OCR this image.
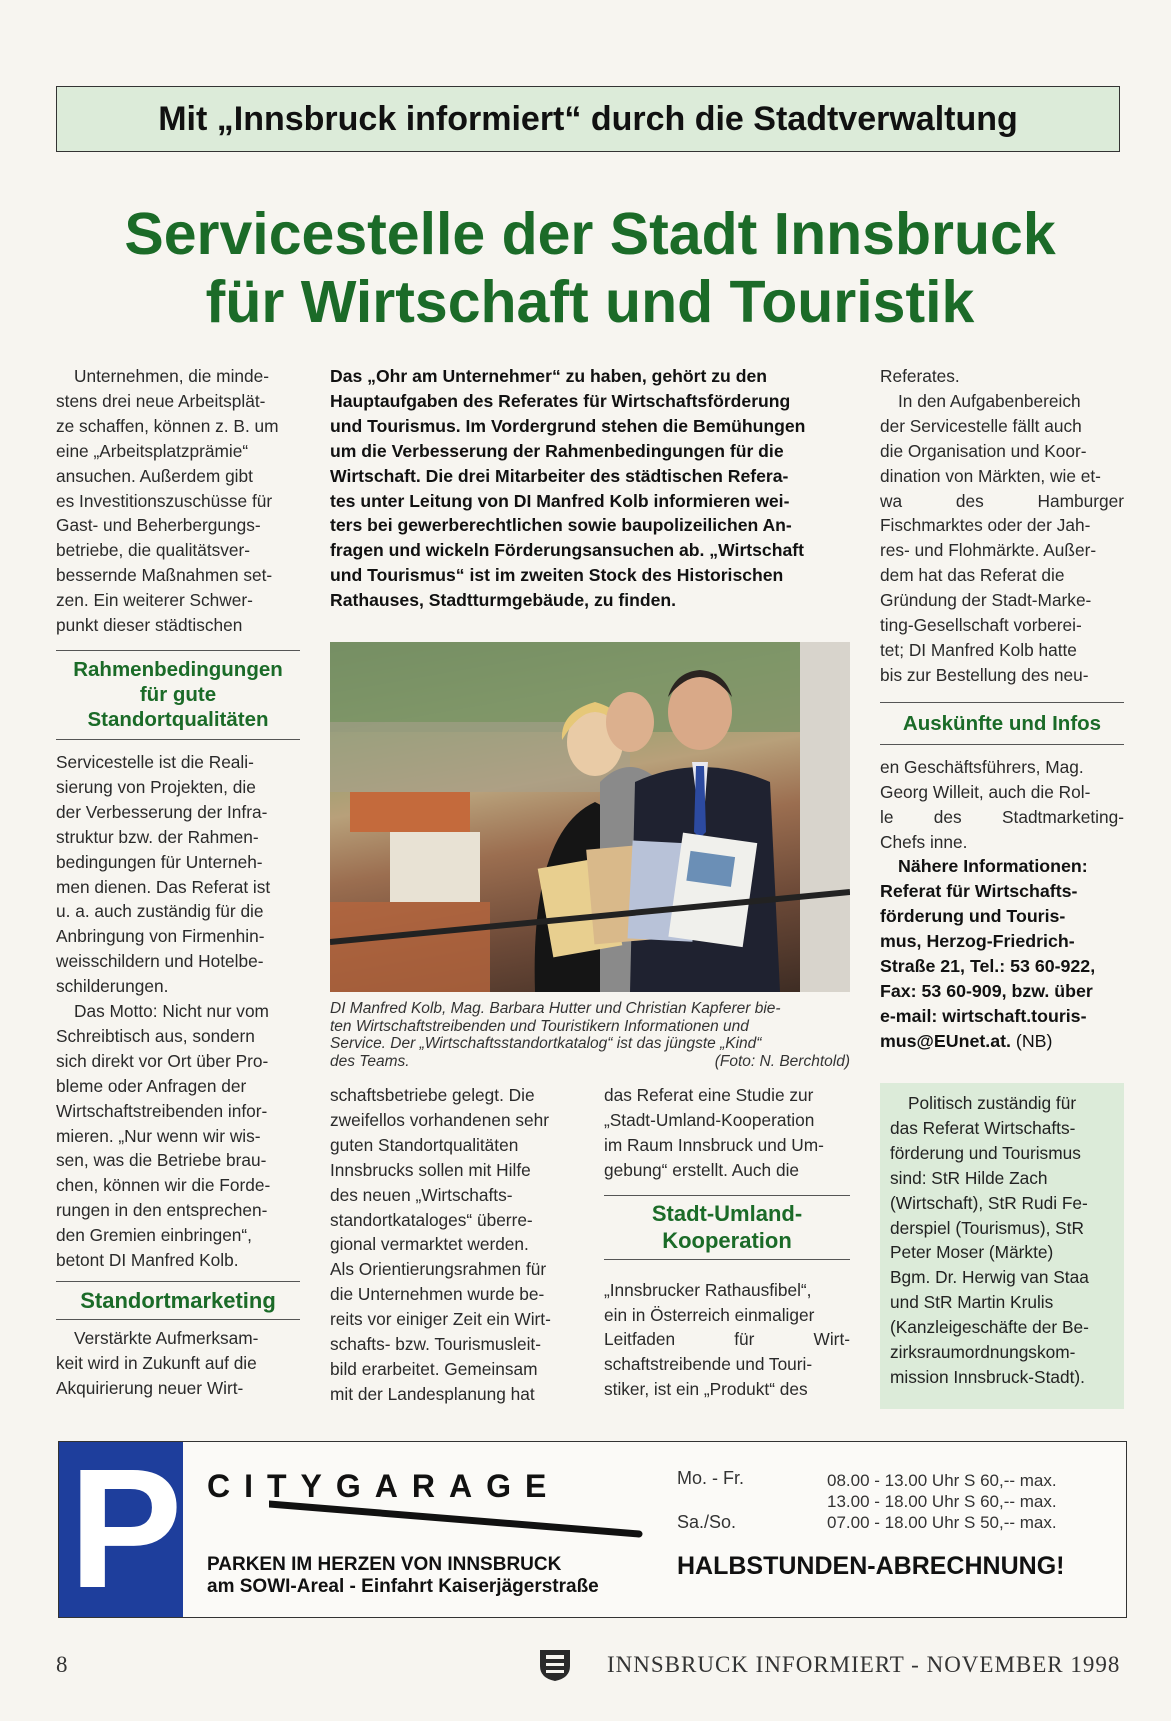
Mit „Innsbruck informiert“ durch die Stadtverwaltung
Servicestelle der Stadt Innsbruck
für Wirtschaft und Touristik

Unternehmen, die minde-

stens drei neue Arbeitsplät-

ze schaffen, können z. B. um

eine „Arbeitsplatzprämie“

ansuchen. Außerdem gibt

es Investitionszuschüsse für

Gast- und Beherbergungs-

betriebe, die qualitätsver-

bessernde Maßnahmen set-

zen. Ein weiterer Schwer-

punkt dieser städtischen

Rahmenbedingungen
für gute
Standortqualitäten

Servicestelle ist die Reali-

sierung von Projekten, die

der Verbesserung der Infra-

struktur bzw. der Rahmen-

bedingungen für Unterneh-

men dienen. Das Referat ist

u. a. auch zuständig für die

Anbringung von Firmenhin-

weisschildern und Hotelbe-

schilderungen.

Das Motto: Nicht nur vom

Schreibtisch aus, sondern

sich direkt vor Ort über Pro-

bleme oder Anfragen der

Wirtschaftstreibenden infor-

mieren. „Nur wenn wir wis-

sen, was die Betriebe brau-

chen, können wir die Forde-

rungen in den entsprechen-

den Gremien einbringen“,

betont DI Manfred Kolb.

Standortmarketing

Verstärkte Aufmerksam-

keit wird in Zukunft auf die

Akquirierung neuer Wirt-

Das „Ohr am Unternehmer“ zu haben, gehört zu den

Hauptaufgaben des Referates für Wirtschaftsförderung

und Tourismus. Im Vordergrund stehen die Bemühungen

um die Verbesserung der Rahmenbedingungen für die

Wirtschaft. Die drei Mitarbeiter des städtischen Refera-

tes unter Leitung von DI Manfred Kolb informieren wei-

ters bei gewerberechtlichen sowie baupolizeilichen An-

fragen und wickeln Förderungsansuchen ab. „Wirtschaft

und Tourismus“ ist im zweiten Stock des Historischen

Rathauses, Stadtturmgebäude, zu finden.

DI Manfred Kolb, Mag. Barbara Hutter und Christian Kapferer bie-
ten Wirtschaftstreibenden und Touristikern Informationen und
Service. Der „Wirtschaftsstandortkatalog“ ist das jüngste „Kind“
des Teams.	(Foto: N. Berchtold)

schaftsbetriebe gelegt. Die

zweifellos vorhandenen sehr

guten Standortqualitäten

Innsbrucks sollen mit Hilfe

des neuen „Wirtschafts-

standortkataloges“ überre-

gional vermarktet werden.

Als Orientierungsrahmen für

die Unternehmen wurde be-

reits vor einiger Zeit ein Wirt-

schafts- bzw. Tourismusleit-

bild erarbeitet. Gemeinsam

mit der Landesplanung hat

das Referat eine Studie zur

„Stadt-Umland-Kooperation

im Raum Innsbruck und Um-

gebung“ erstellt. Auch die

Stadt-Umland-
Kooperation

„Innsbrucker Rathausfibel“,

ein in Österreich einmaliger

Leitfaden für Wirt-

schaftstreibende und Touri-

stiker, ist ein „Produkt“ des

Referates.

In den Aufgabenbereich

der Servicestelle fällt auch

die Organisation und Koor-

dination von Märkten, wie et-

wa des Hamburger

Fischmarktes oder der Jah-

res- und Flohmärkte. Außer-

dem hat das Referat die

Gründung der Stadt-Marke-

ting-Gesellschaft vorberei-

tet; DI Manfred Kolb hatte

bis zur Bestellung des neu-

Auskünfte und Infos

en Geschäftsführers, Mag.

Georg Willeit, auch die Rol-

le des Stadtmarketing-

Chefs inne.

Nähere Informationen:

Referat für Wirtschafts-

förderung und Touris-

mus, Herzog-Friedrich-

Straße 21, Tel.: 53 60-922,

Fax: 53 60-909, bzw. über

e-mail: wirtschaft.touris-

mus@EUnet.at. (NB)

Politisch zuständig für

das Referat Wirtschafts-

förderung und Tourismus

sind: StR Hilde Zach

(Wirtschaft), StR Rudi Fe-

derspiel (Tourismus), StR

Peter Moser (Märkte)

Bgm. Dr. Herwig van Staa

und StR Martin Krulis

(Kanzleigeschäfte der Be-

zirksraumordnungskom-

mission Innsbruck-Stadt).

P CITYGARAGE
PARKEN IM HERZEN VON INNSBRUCK
am SOWI-Areal - Einfahrt Kaiserjägerstraße
Mo. - Fr.
Sa./So.
08.00 - 13.00 Uhr S 60,-- max.
13.00 - 18.00 Uhr S 60,-- max.
07.00 - 18.00 Uhr S 50,-- max.
HALBSTUNDEN-ABRECHNUNG!
8	INNSBRUCK INFORMIERT - NOVEMBER 1998
